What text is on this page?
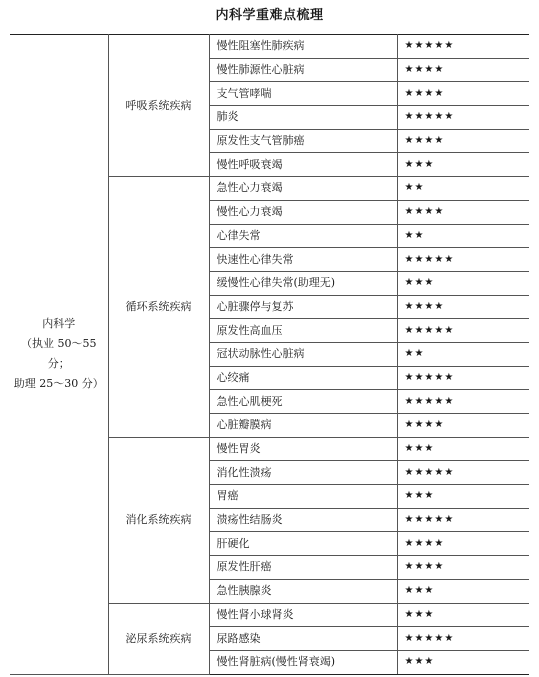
内科学重难点梳理
内科学
（执业 50～55 分；
助理 25～30 分）	呼吸系统疾病	慢性阻塞性肺疾病	★★★★★
		慢性肺源性心脏病	★★★★
		支气管哮喘	★★★★
		肺炎	★★★★★
		原发性支气管肺癌	★★★★
		慢性呼吸衰竭	★★★
	循环系统疾病	急性心力衰竭	★★
		慢性心力衰竭	★★★★
		心律失常	★★
		快速性心律失常	★★★★★
		缓慢性心律失常(助理无)	★★★
		心脏骤停与复苏	★★★★
		原发性高血压	★★★★★
		冠状动脉性心脏病	★★
		心绞痛	★★★★★
		急性心肌梗死	★★★★★
		心脏瓣膜病	★★★★
	消化系统疾病	慢性胃炎	★★★
		消化性溃疡	★★★★★
		胃癌	★★★
		溃疡性结肠炎	★★★★★
		肝硬化	★★★★
		原发性肝癌	★★★★
		急性胰腺炎	★★★
	泌尿系统疾病	慢性肾小球肾炎	★★★
		尿路感染	★★★★★
		慢性肾脏病(慢性肾衰竭)	★★★
